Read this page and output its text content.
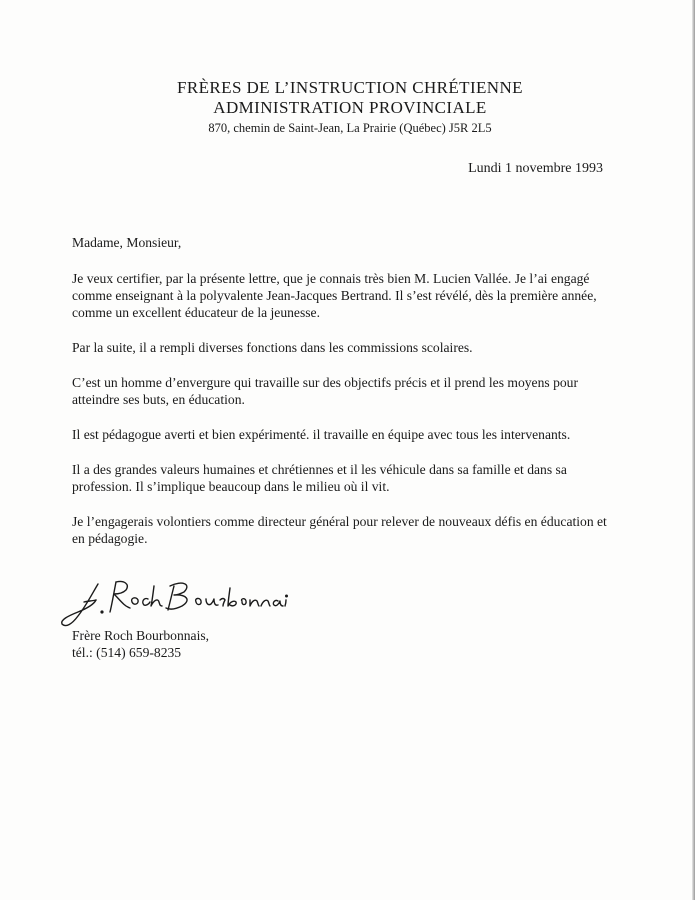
FRÈRES DE L’INSTRUCTION CHRÉTIENNE
ADMINISTRATION PROVINCIALE
870, chemin de Saint-Jean, La Prairie (Québec) J5R 2L5
Lundi 1 novembre 1993

Madame, Monsieur,

Je veux certifier, par la présente lettre, que je connais très bien M. Lucien Vallée. Je l’ai engagé comme enseignant à la polyvalente Jean-Jacques Bertrand. Il s’est révélé, dès la première année, comme un excellent éducateur de la jeunesse.

Par la suite, il a rempli diverses fonctions dans les commissions scolaires.

C’est un homme d’envergure qui travaille sur des objectifs précis et il prend les moyens pour atteindre ses buts, en éducation.

Il est pédagogue averti et bien expérimenté. il travaille en équipe avec tous les intervenants.

Il a des grandes valeurs humaines et chrétiennes et il les véhicule dans sa famille et dans sa profession. Il s’implique beaucoup dans le milieu où il vit.

Je l’engagerais volontiers comme directeur général pour relever de nouveaux défis en éducation et en pédagogie.

f. Roch Bourbonnais
Frère Roch Bourbonnais,
tél.: (514) 659-8235
